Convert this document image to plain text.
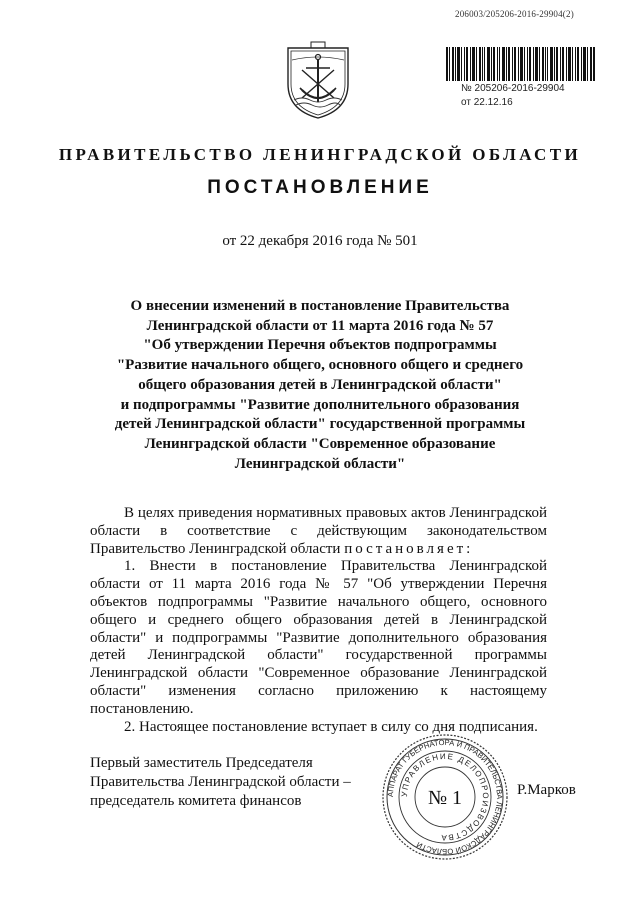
206003/205206-2016-29904(2)
№ 205206-2016-29904
от 22.12.16
ПРАВИТЕЛЬСТВО ЛЕНИНГРАДСКОЙ ОБЛАСТИ
ПОСТАНОВЛЕНИЕ
от 22 декабря 2016 года № 501
О внесении изменений в постановление Правительства
Ленинградской области от 11 марта 2016 года № 57
"Об утверждении Перечня объектов подпрограммы
"Развитие начального общего, основного общего и среднего
общего образования детей в Ленинградской области"
и подпрограммы "Развитие дополнительного образования
детей Ленинградской области" государственной программы
Ленинградской области "Современное образование
Ленинградской области"

В целях приведения нормативных правовых актов Ленинградской области в соответствие с действующим законодательством Правительство Ленинградской области постановляет:

1. Внести в постановление Правительства Ленинградской области от 11 марта 2016 года № 57 "Об утверждении Перечня объектов подпрограммы "Развитие начального общего, основного общего и среднего общего образования детей в Ленинградской области" и подпрограммы "Развитие дополнительного образования детей Ленинградской области" государственной программы Ленинградской области "Современное образование Ленинградской области" изменения согласно приложению к настоящему постановлению.

2. Настоящее постановление вступает в силу со дня подписания.

Первый заместитель Председателя
Правительства Ленинградской области –
председатель комитета финансов	АППАРАТ ГУБЕРНАТОРА И ПРАВИТЕЛЬСТВА ЛЕНИНГРАДСКОЙ ОБЛАСТИ
УПРАВЛЕНИЕ ДЕЛОПРОИЗВОДСТВА
№ 1	Р.Марков
